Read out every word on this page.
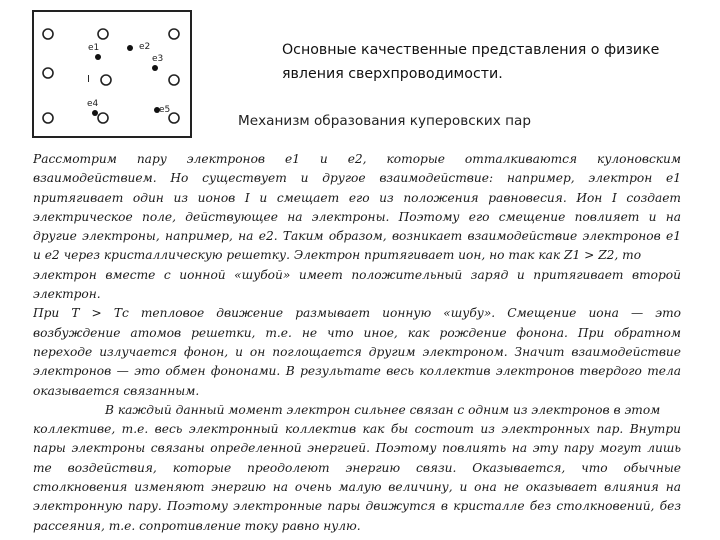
e1	e2
e3
e4
e5
I
Основные качественные представления о физике
явления сверхпроводимости.
Механизм образования куперовских пар
Рассмотрим пару электронов е1 и е2, которые отталкиваются кулоновским
взаимодействием. Но существует и другое взаимодействие: например, электрон е1
притягивает один из ионов I и смещает его из положения равновесия. Ион I создает
электрическое поле, действующее на электроны. Поэтому его смещение повлияет и на
другие электроны, например, на е2. Таким образом, возникает взаимодействие электронов е1
и е2 через кристаллическую решетку. Электрон притягивает ион, но так как Z1 > Z2, то
электрон вместе с ионной «шубой» имеет положительный заряд и притягивает второй
электрон.
При Т > Тс тепловое движение размывает ионную «шубу». Смещение иона — это
возбуждение атомов решетки, т.е. не что иное, как рождение фонона. При обратном
переходе излучается фонон, и он поглощается другим электроном. Значит взаимодействие
электронов — это обмен фононами. В результате весь коллектив электронов твердого тела
оказывается связанным.
В каждый данный момент электрон сильнее связан с одним из электронов в этом
коллективе, т.е. весь электронный коллектив как бы состоит из электронных пар. Внутри
пары электроны связаны определенной энергией. Поэтому повлиять на эту пару могут лишь
те воздействия, которые преодолеют энергию связи. Оказывается, что обычные
столкновения изменяют энергию на очень малую величину, и она не оказывает влияния на
электронную пару. Поэтому электронные пары движутся в кристалле без столкновений, без
рассеяния, т.е. сопротивление току равно нулю.
